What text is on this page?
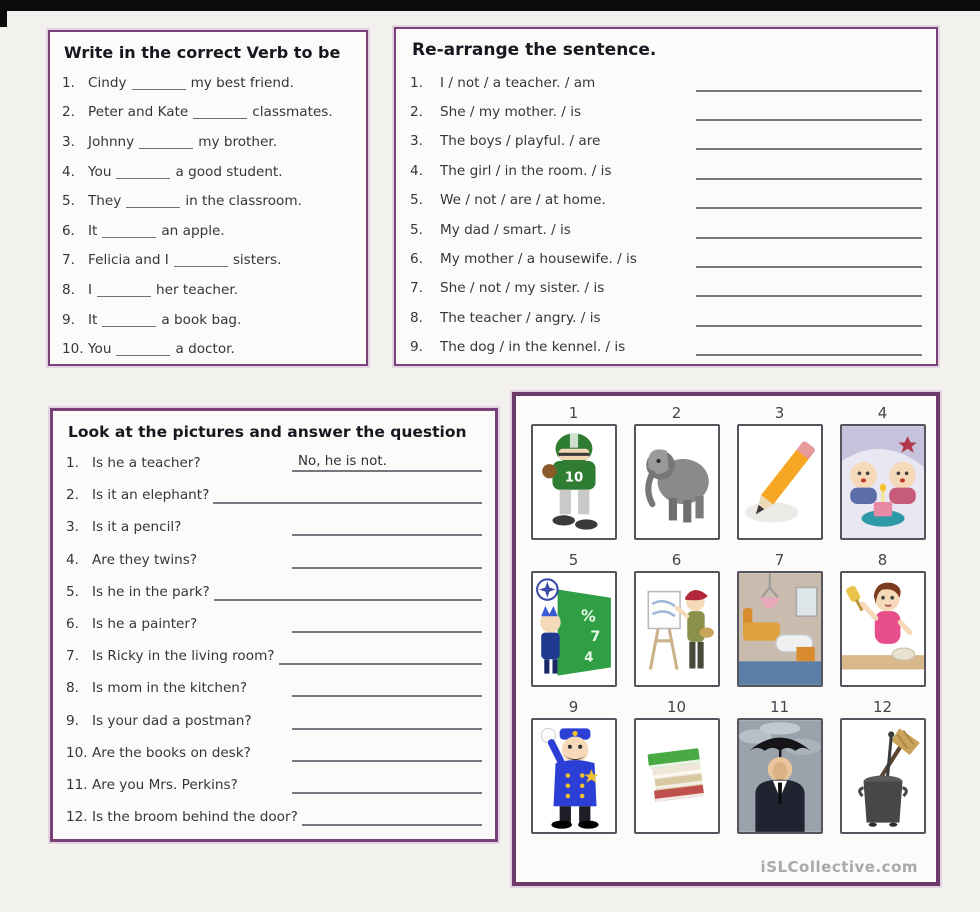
Write in the correct Verb to be
1. Cindy	my best friend.
2. Peter and Kate	classmates.
3. Johnny	my brother.
4. You	a good student.
5. They	in the classroom.
6. It	an apple.
7. Felicia and I	sisters.
8. I	her teacher.
9. It	a book bag.
10. You	a doctor.
Re-arrange the sentence.
1.	I / not / a teacher. / am
2.	She / my mother. / is
3.	The boys / playful. / are
4.	The girl / in the room. / is
5.	We / not / are / at home.
5.	My dad / smart. / is
6.	My mother / a housewife. / is
7.	She / not / my sister. / is
8.	The teacher / angry. / is
9.	The dog / in the kennel. / is
Look at the pictures and answer the question
1. Is he a teacher?	No, he is not.
2. Is it an elephant?
3. Is it a pencil?
4. Are they twins?
5. Is he in the park?
6. Is he a painter?
7. Is Ricky in the living room?
8. Is mom in the kitchen?
9. Is your dad a postman?
10. Are the books on desk?
11. Are you Mrs. Perkins?
12. Is the broom behind the door?
1
10
2	3	4
5
%
7
4
6	7	8
9	10	11	12
iSLCollective.com
